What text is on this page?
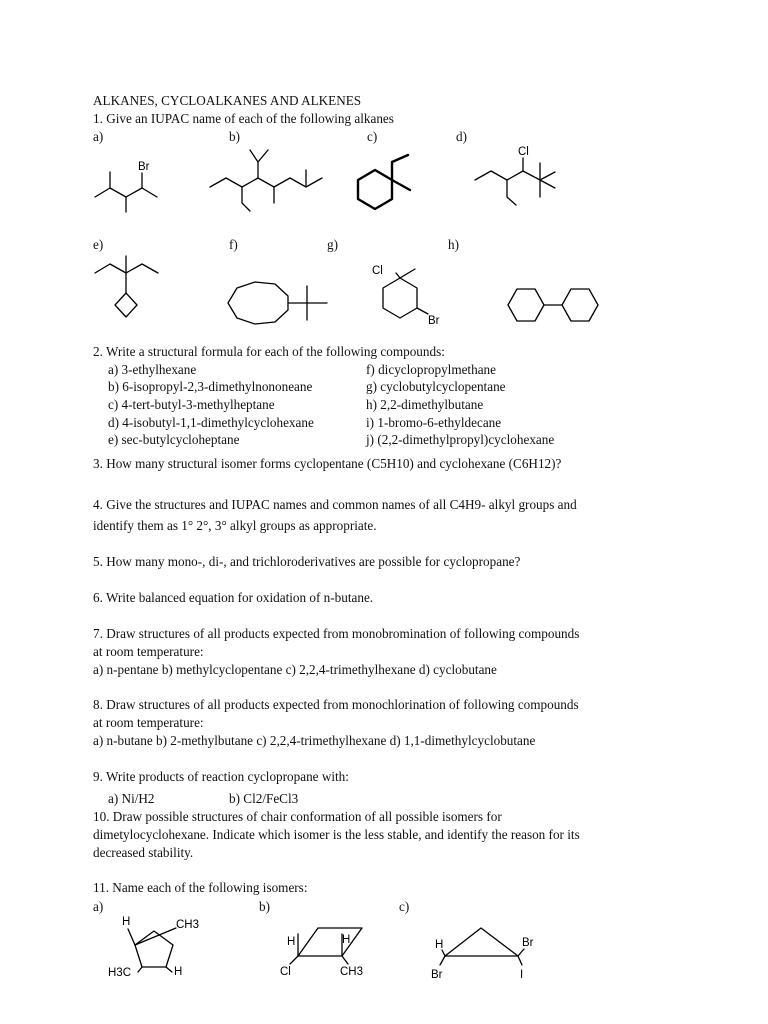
ALKANES, CYCLOALKANES AND ALKENES
1. Give an IUPAC name of each of the following alkanes
a)	b)	c)	d)
Br
Cl
e)	f)	g)	h)
Cl
Br
2. Write a structural formula for each of the following compounds:
a) 3-ethylhexane
b) 6-isopropyl-2,3-dimethylnononeane
c) 4-tert-butyl-3-methylheptane
d) 4-isobutyl-1,1-dimethylcyclohexane
e) sec-butylcycloheptane
f) dicyclopropylmethane
g) cyclobutylcyclopentane
h) 2,2-dimethylbutane
i) 1-bromo-6-ethyldecane
j) (2,2-dimethylpropyl)cyclohexane
3. How many structural isomer forms cyclopentane (C5H10) and cyclohexane (C6H12)?
4. Give the structures and IUPAC names and common names of all C4H9- alkyl groups and
identify them as 1° 2°, 3° alkyl groups as appropriate.
5. How many mono-, di-, and trichloroderivatives are possible for cyclopropane?
6. Write balanced equation for oxidation of n-butane.
7. Draw structures of all products expected from monobromination of following compounds
at room temperature:
a) n-pentane b) methylcyclopentane c) 2,2,4-trimethylhexane d) cyclobutane
8. Draw structures of all products expected from monochlorination of following compounds
at room temperature:
a) n-butane b) 2-methylbutane c) 2,2,4-trimethylhexane d) 1,1-dimethylcyclobutane
9. Write products of reaction cyclopropane with:
a) Ni/H2	b) Cl2/FeCl3
10. Draw possible structures of chair conformation of all possible isomers for
dimetylocyclohexane. Indicate which isomer is the less stable, and identify the reason for its
decreased stability.
11. Name each of the following isomers:
a)	b)	c)
H	CH3
H3C	H
H	H
Cl	CH3
H	Br
Br	I
